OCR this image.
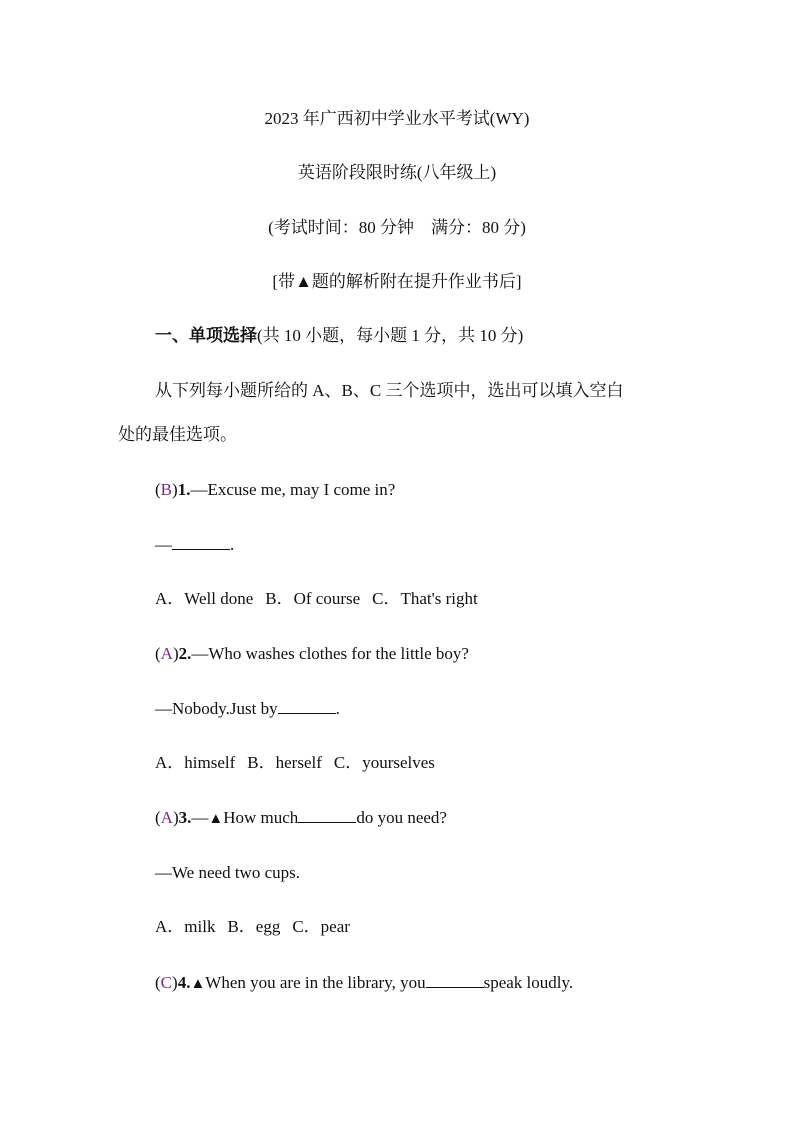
2023 年广西初中学业水平考试(WY)
英语阶段限时练(八年级上)
(考试时间：80 分钟　满分：80 分)
[带▲题的解析附在提升作业书后]
一、单项选择(共 10 小题，每小题 1 分，共 10 分)
从下列每小题所给的 A、B、C 三个选项中，选出可以填入空白
处的最佳选项。
(B)1.—Excuse me, may I come in?
—	.
A．Well done B．Of course C．That's right
(A)2.—Who washes clothes for the little boy?
—Nobody.Just by	.
A．himself B．herself C．yourselves
(A)3.—▲How much	do you need?
—We need two cups.
A．milk B．egg C．pear
(C)4.▲When you are in the library, you	speak loudly.
